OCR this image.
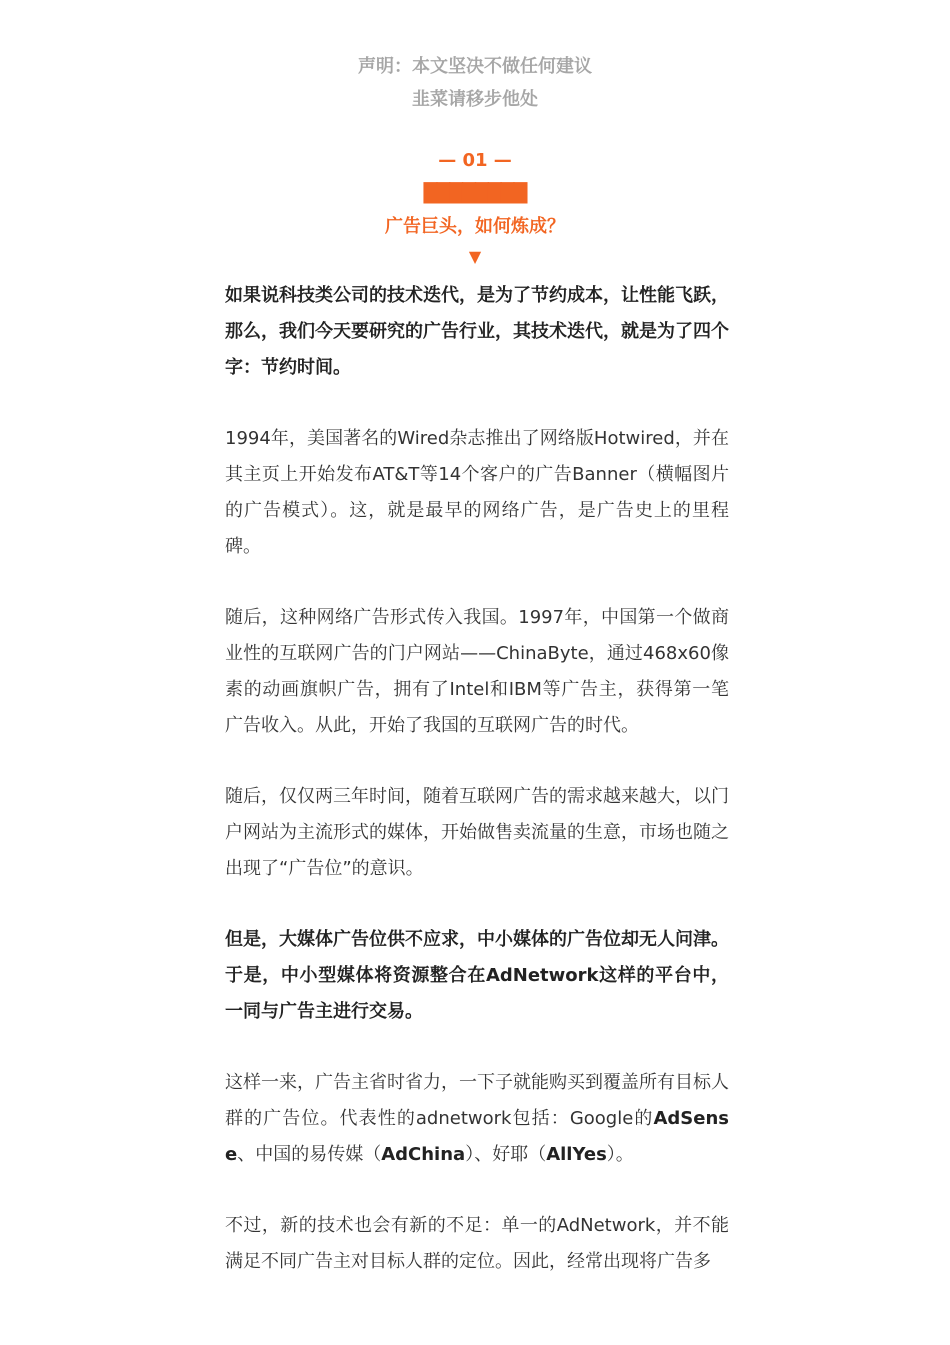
声明：本文坚决不做任何建议
韭菜请移步他处
— 01 —
████████
广告巨头，如何炼成？
▼

如果说科技类公司的技术迭代，是为了节约成本，让性能飞跃，那么，我们今天要研究的广告行业，其技术迭代，就是为了四个字：节约时间。

1994年，美国著名的Wired杂志推出了网络版Hotwired，并在其主页上开始发布AT&T等14个客户的广告Banner（横幅图片的广告模式）。这，就是最早的网络广告，是广告史上的里程碑。

随后，这种网络广告形式传入我国。1997年，中国第一个做商业性的互联网广告的门户网站——ChinaByte，通过468x60像素的动画旗帜广告，拥有了Intel和IBM等广告主，获得第一笔广告收入。从此，开始了我国的互联网广告的时代。

随后，仅仅两三年时间，随着互联网广告的需求越来越大，以门户网站为主流形式的媒体，开始做售卖流量的生意，市场也随之出现了“广告位”的意识。

但是，大媒体广告位供不应求，中小媒体的广告位却无人问津。于是，中小型媒体将资源整合在AdNetwork这样的平台中，一同与广告主进行交易。

这样一来，广告主省时省力，一下子就能购买到覆盖所有目标人群的广告位。代表性的adnetwork包括：Google的AdSense、中国的易传媒（AdChina）、好耶（AllYes）。

不过，新的技术也会有新的不足：单一的AdNetwork，并不能满足不同广告主对目标人群的定位。因此，经常出现将广告多
